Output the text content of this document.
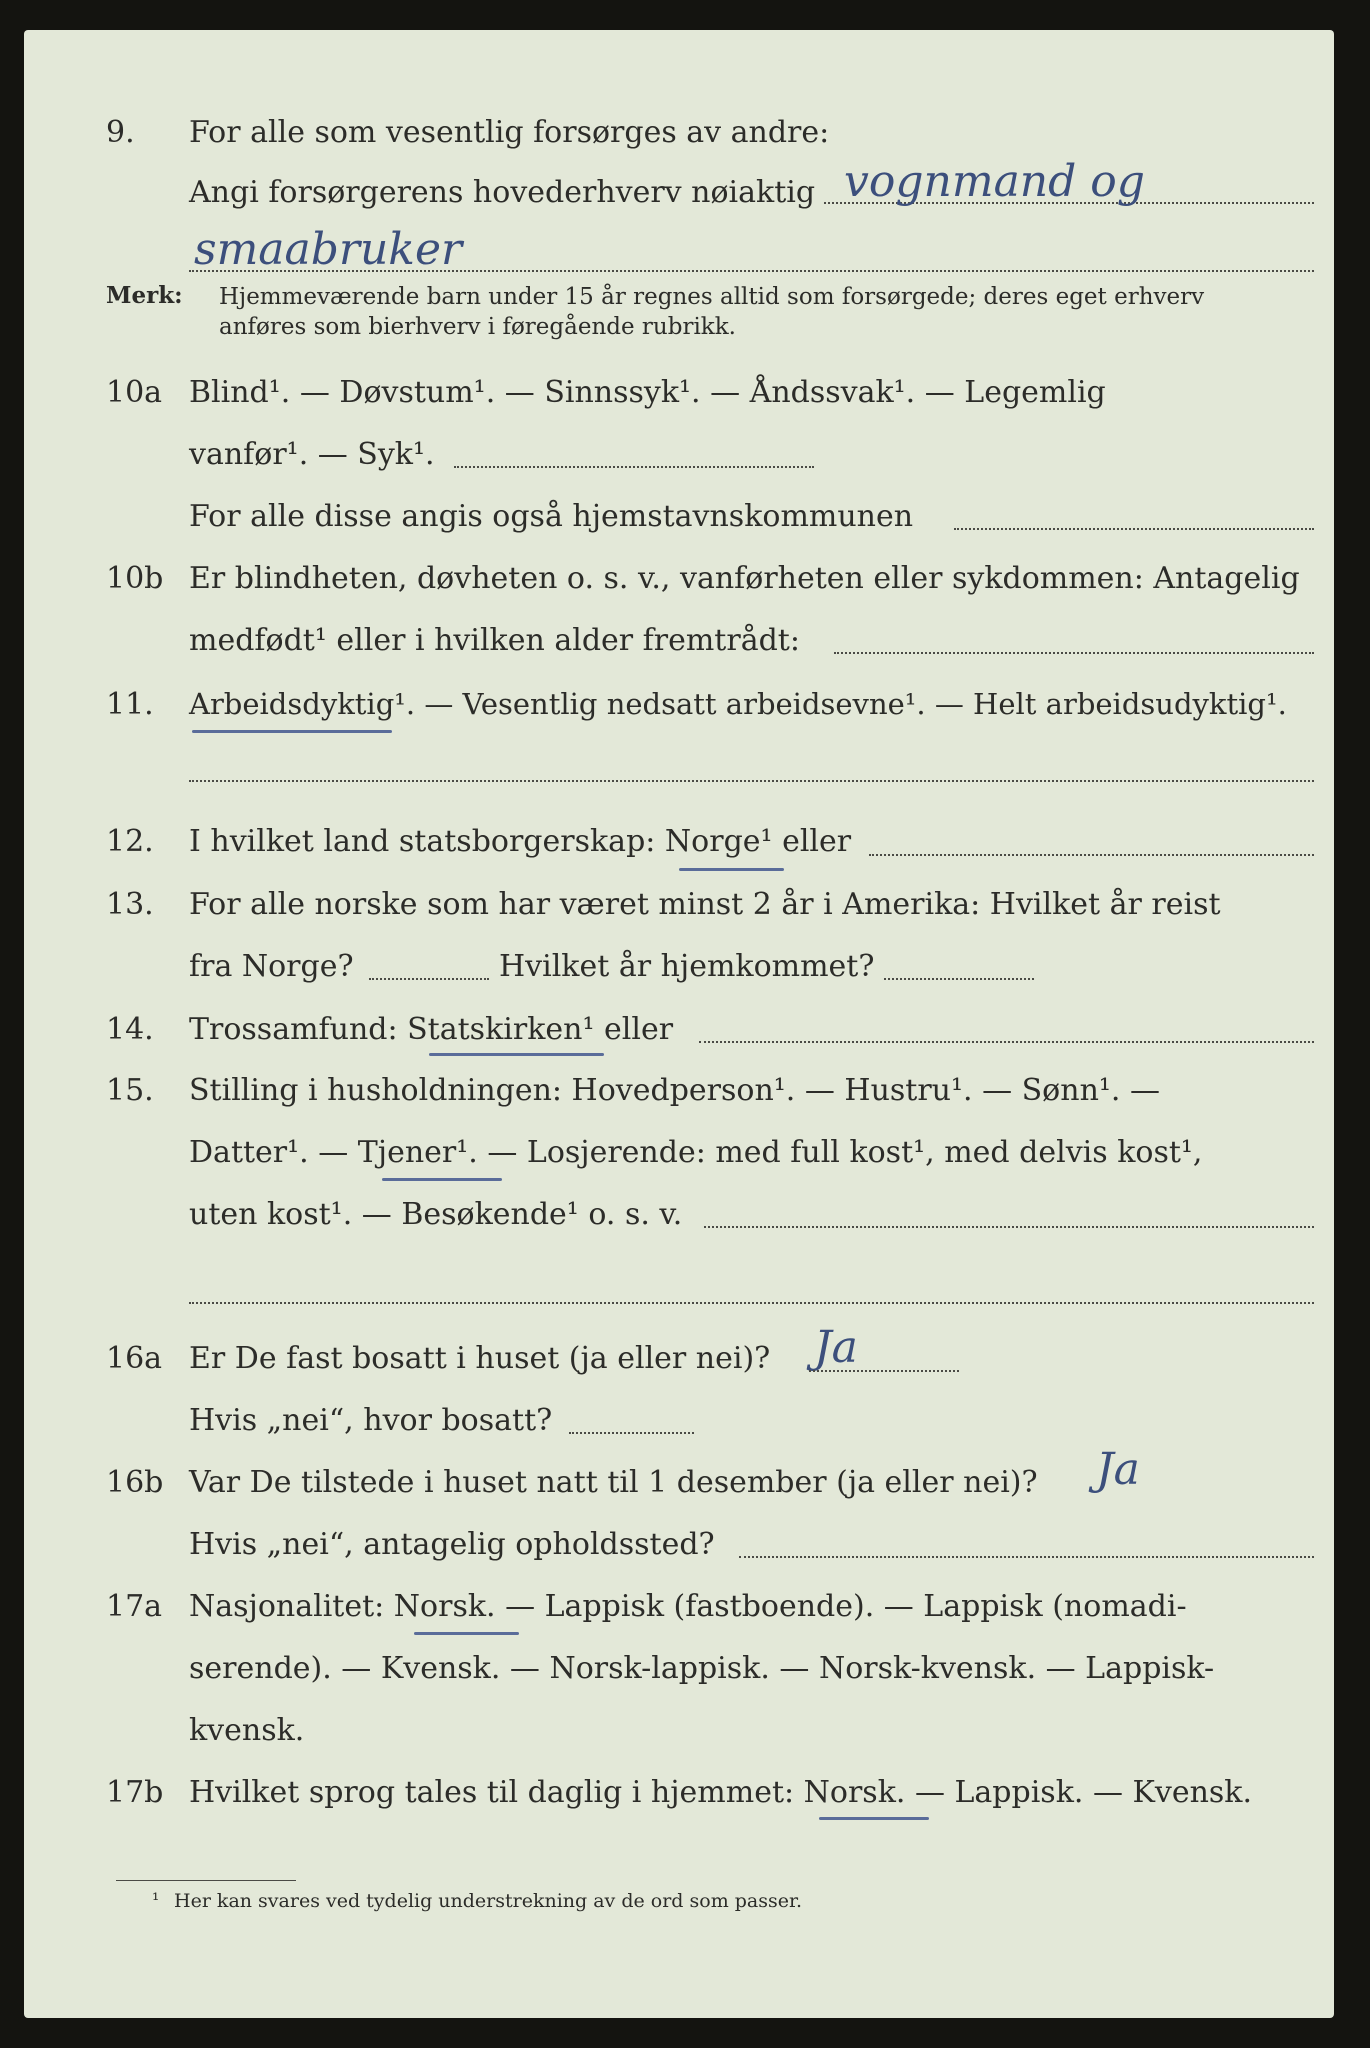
9. For alle som vesentlig forsørges av andre:
Angi forsørgerens hovederhverv nøiaktig vognmand og
smaabruker
Merk: Hjemmeværende barn under 15 år regnes alltid som forsørgede; deres eget erhverv
anføres som bierhverv i føregående rubrikk.
10a Blind¹. — Døvstum¹. — Sinnssyk¹. — Åndssvak¹. — Legemlig
vanfør¹. — Syk¹.
For alle disse angis også hjemstavnskommunen
10b Er blindheten, døvheten o. s. v., vanførheten eller sykdommen: Antagelig
medfødt¹ eller i hvilken alder fremtrådt:
11. Arbeidsdyktig¹. — Vesentlig nedsatt arbeidsevne¹. — Helt arbeidsudyktig¹.
12. I hvilket land statsborgerskap: Norge¹ eller
13. For alle norske som har været minst 2 år i Amerika: Hvilket år reist
fra Norge?	Hvilket år hjemkommet?
14. Trossamfund: Statskirken¹ eller
15. Stilling i husholdningen: Hovedperson¹. — Hustru¹. — Sønn¹. —
Datter¹. — Tjener¹. — Losjerende: med full kost¹, med delvis kost¹,
uten kost¹. — Besøkende¹ o. s. v.
16a Er De fast bosatt i huset (ja eller nei)? Ja
Hvis „nei“, hvor bosatt?
16b Var De tilstede i huset natt til 1 desember (ja eller nei)? Ja
Hvis „nei“, antagelig opholdssted?
17a Nasjonalitet: Norsk. — Lappisk (fastboende). — Lappisk (nomadi-
serende). — Kvensk. — Norsk-lappisk. — Norsk-kvensk. — Lappisk-
kvensk.
17b Hvilket sprog tales til daglig i hjemmet: Norsk. — Lappisk. — Kvensk.
¹ Her kan svares ved tydelig understrekning av de ord som passer.
